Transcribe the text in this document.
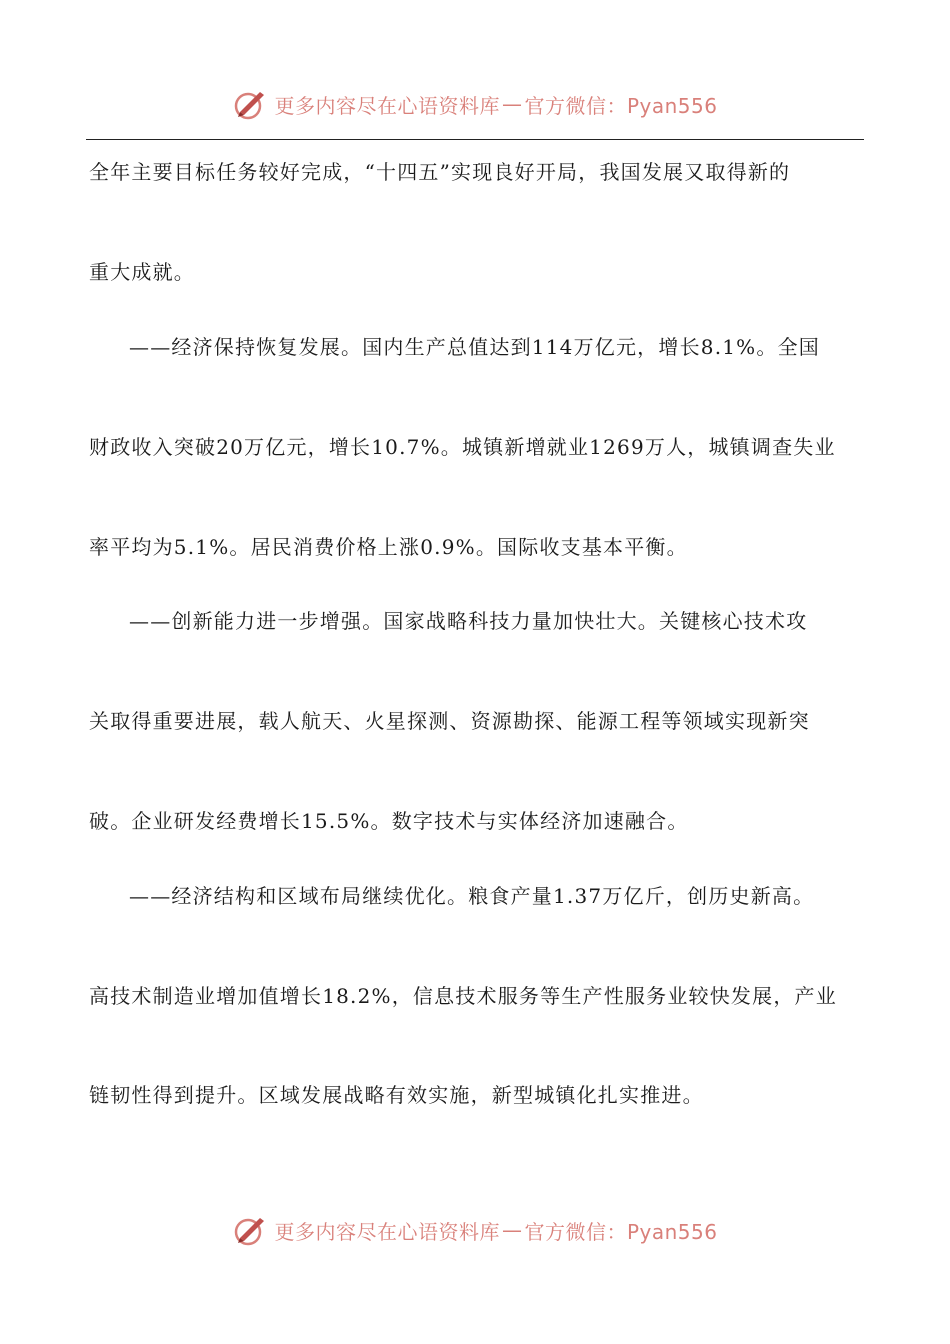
更多内容尽在心语资料库 — 官方微信：Pyan556
全年主要目标任务较好完成，“十四五”实现良好开局，我国发展又取得新的
重大成就。
——经济保持恢复发展。国内生产总值达到114万亿元，增长8.1%。全国
财政收入突破20万亿元，增长10.7%。城镇新增就业1269万人，城镇调查失业
率平均为5.1%。居民消费价格上涨0.9%。国际收支基本平衡。
——创新能力进一步增强。国家战略科技力量加快壮大。关键核心技术攻
关取得重要进展，载人航天、火星探测、资源勘探、能源工程等领域实现新突
破。企业研发经费增长15.5%。数字技术与实体经济加速融合。
——经济结构和区域布局继续优化。粮食产量1.37万亿斤，创历史新高。
高技术制造业增加值增长18.2%，信息技术服务等生产性服务业较快发展，产业
链韧性得到提升。区域发展战略有效实施，新型城镇化扎实推进。
更多内容尽在心语资料库 — 官方微信：Pyan556
